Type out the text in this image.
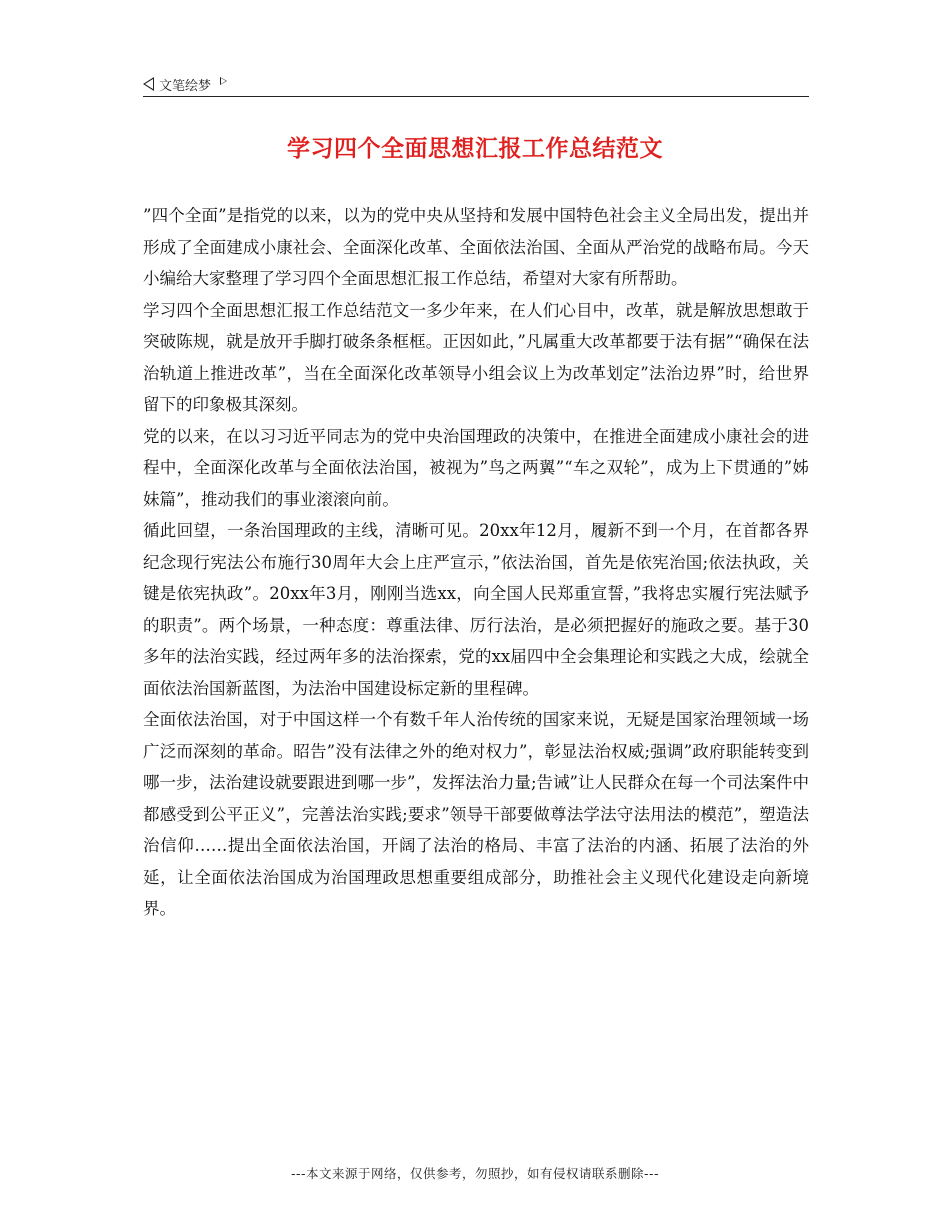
文笔绘梦
学习四个全面思想汇报工作总结范文

”四个全面”是指党的以来，以为的党中央从坚持和发展中国特色社会主义全局出发，提出并形成了全面建成小康社会、全面深化改革、全面依法治国、全面从严治党的战略布局。今天小编给大家整理了学习四个全面思想汇报工作总结，希望对大家有所帮助。

学习四个全面思想汇报工作总结范文一多少年来，在人们心目中，改革，就是解放思想敢于突破陈规，就是放开手脚打破条条框框。正因如此，”凡属重大改革都要于法有据”“确保在法治轨道上推进改革”，当在全面深化改革领导小组会议上为改革划定”法治边界”时，给世界留下的印象极其深刻。

党的以来，在以习习近平同志为的党中央治国理政的决策中，在推进全面建成小康社会的进程中，全面深化改革与全面依法治国，被视为”鸟之两翼”“车之双轮”，成为上下贯通的”姊妹篇”，推动我们的事业滚滚向前。

循此回望，一条治国理政的主线，清晰可见。20xx年12月，履新不到一个月，在首都各界纪念现行宪法公布施行30周年大会上庄严宣示，”依法治国，首先是依宪治国;依法执政，关键是依宪执政”。20xx年3月，刚刚当选xx，向全国人民郑重宣誓，”我将忠实履行宪法赋予的职责”。两个场景，一种态度：尊重法律、厉行法治，是必须把握好的施政之要。基于30多年的法治实践，经过两年多的法治探索，党的xx届四中全会集理论和实践之大成，绘就全面依法治国新蓝图，为法治中国建设标定新的里程碑。

全面依法治国，对于中国这样一个有数千年人治传统的国家来说，无疑是国家治理领域一场广泛而深刻的革命。昭告”没有法律之外的绝对权力”，彰显法治权威;强调”政府职能转变到哪一步，法治建设就要跟进到哪一步”，发挥法治力量;告诫”让人民群众在每一个司法案件中都感受到公平正义”，完善法治实践;要求”领导干部要做尊法学法守法用法的模范”，塑造法治信仰……提出全面依法治国，开阔了法治的格局、丰富了法治的内涵、拓展了法治的外延，让全面依法治国成为治国理政思想重要组成部分，助推社会主义现代化建设走向新境界。

---本文来源于网络，仅供参考，勿照抄，如有侵权请联系删除---
